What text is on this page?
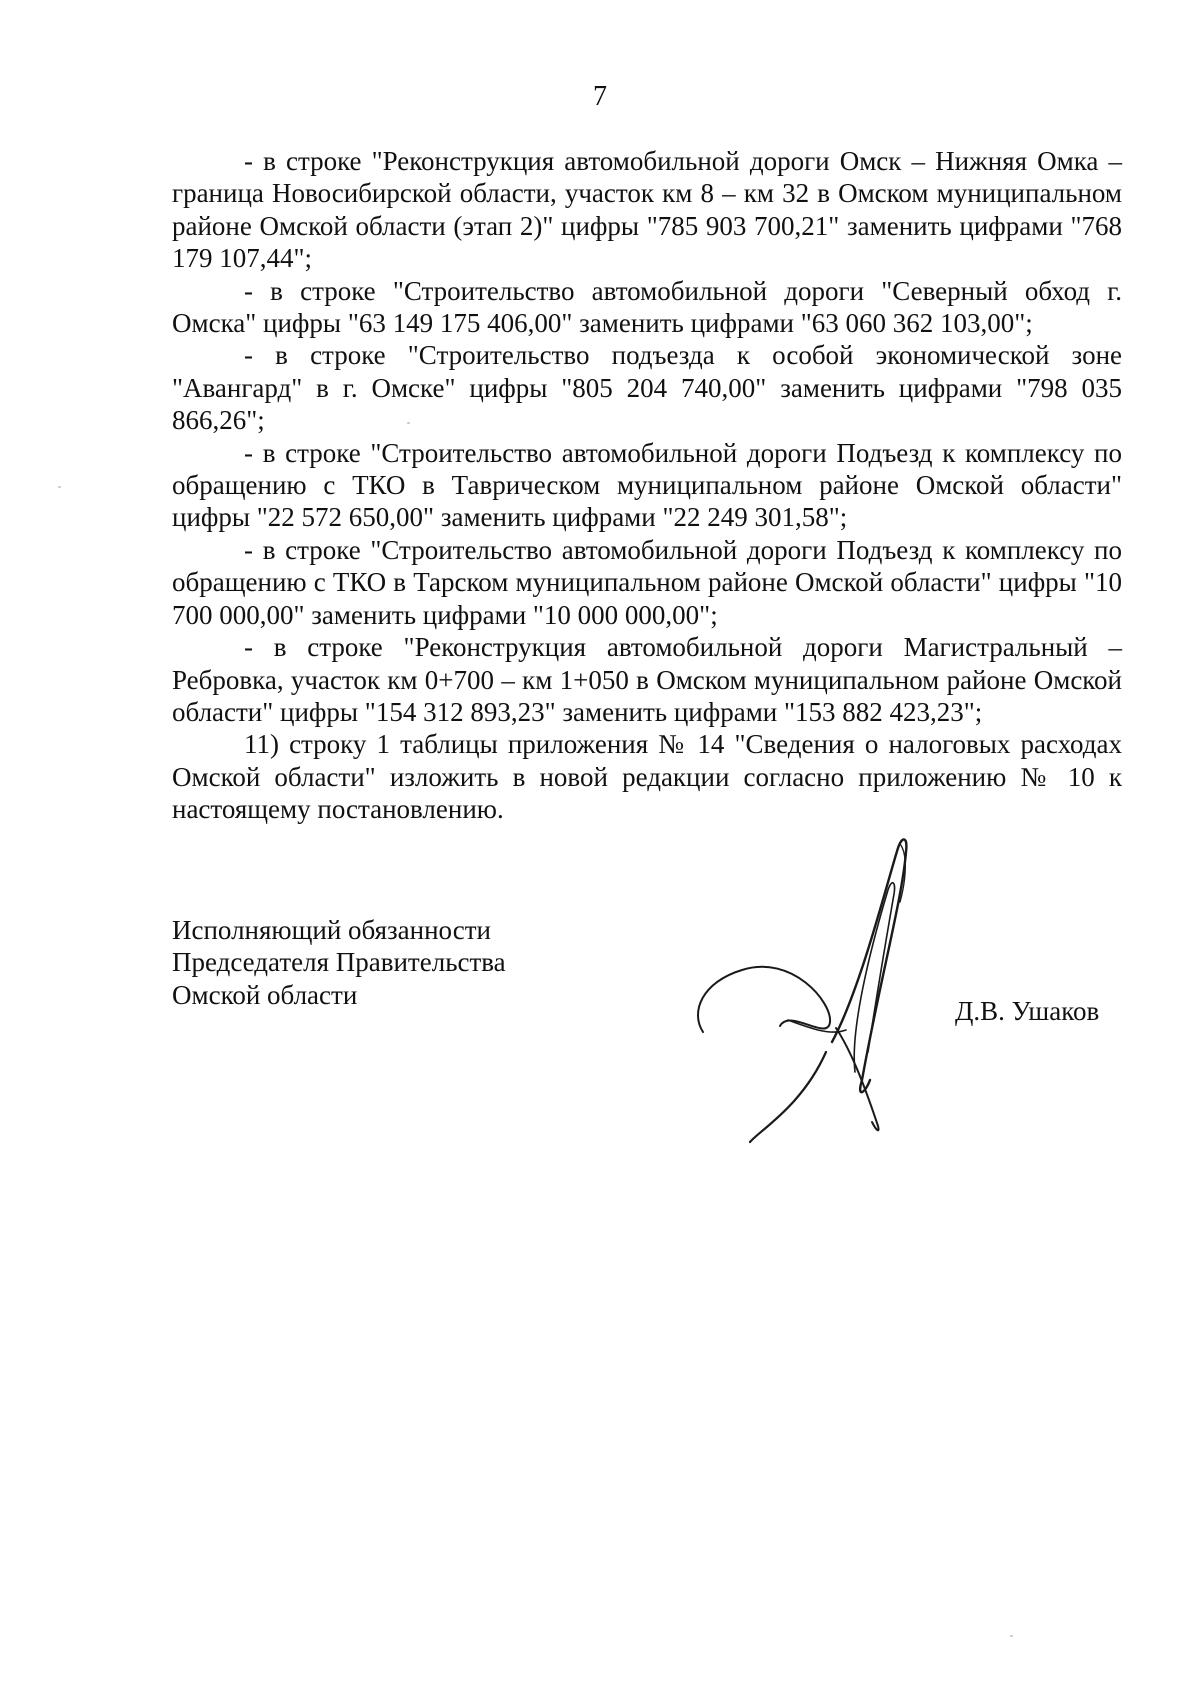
7

- в строке "Реконструкция автомобильной дороги Омск – Нижняя Омка – граница Новосибирской области, участок км 8 – км 32 в Омском муниципальном районе Омской области (этап 2)" цифры "785 903 700,21" заменить цифрами "768 179 107,44";

- в строке "Строительство автомобильной дороги "Северный обход г. Омска" цифры "63 149 175 406,00" заменить цифрами "63 060 362 103,00";

- в строке "Строительство подъезда к особой экономической зоне "Авангард" в г. Омске" цифры "805 204 740,00" заменить цифрами "798 035 866,26";

- в строке "Строительство автомобильной дороги Подъезд к комплексу по обращению с ТКО в Таврическом муниципальном районе Омской области" цифры "22 572 650,00" заменить цифрами "22 249 301,58";

- в строке "Строительство автомобильной дороги Подъезд к комплексу по обращению с ТКО в Тарском муниципальном районе Омской области" цифры "10 700 000,00" заменить цифрами "10 000 000,00";

- в строке "Реконструкция автомобильной дороги Магистральный – Ребровка, участок км 0+700 – км 1+050 в Омском муниципальном районе Омской области" цифры "154 312 893,23" заменить цифрами "153 882 423,23";

11) строку 1 таблицы приложения № 14 "Сведения о налоговых расходах Омской области" изложить в новой редакции согласно приложению № 10 к настоящему постановлению.

Исполняющий обязанности
Председателя Правительства
Омской области
Д.В. Ушаков
